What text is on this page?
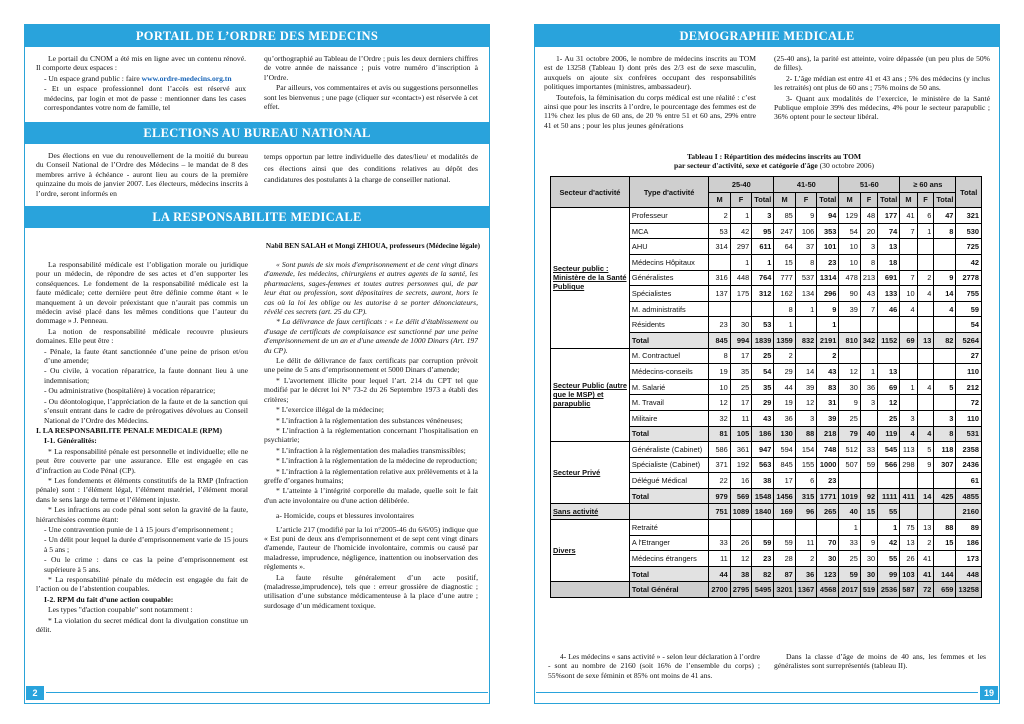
PORTAIL DE L’ORDRE DES MEDECINS

Le portail du CNOM a été mis en ligne avec un contenu rénové. Il comporte deux espaces :

- Un espace grand public : faire www.ordre-medecins.org.tn

- Et un espace professionnel dont l’accès est réservé aux médecins, par login et mot de passe : mentionner dans les cases correspondantes votre nom de famille, tel

qu’orthographié au Tableau de l’Ordre ; puis les deux derniers chiffres de votre année de naissance ; puis votre numéro d’inscription à l’Ordre.

Par ailleurs, vos commentaires et avis ou suggestions personnelles sont les bienvenus ; une page (cliquer sur «contact») est réservée à cet effet.

ELECTIONS AU BUREAU NATIONAL

Des élections en vue du renouvellement de la moitié du bureau du Conseil National de l’Ordre des Médecins – le mandat de 8 des membres arrive à échéance - auront lieu au cours de la première quinzaine du mois de janvier 2007. Les électeurs, médecins inscrits à l’ordre, seront informés en

temps opportun par lettre individuelle des dates/lieu/ et modalités de ces élections ainsi que des conditions relatives au dépôt des candidatures des postulants à la charge de conseiller national.

LA RESPONSABILITE MEDICALE
Nabil BEN SALAH et Mongi ZHIOUA, professeurs (Médecine légale)

La responsabilité médicale est l’obligation morale ou juridique pour un médecin, de répondre de ses actes et d’en supporter les conséquences. Le fondement de la responsabilité médicale est la faute médicale; cette dernière peut être définie comme étant « le manquement à un devoir préexistant que n’aurait pas commis un médecin avisé placé dans les mêmes conditions que l’auteur du dommage » J. Penneau.

La notion de responsabilité médicale recouvre plusieurs domaines. Elle peut être :

- Pénale, la faute étant sanctionnée d’une peine de prison et/ou d’une amende;

- Ou civile, à vocation réparatrice, la faute donnant lieu à une indemnisation;

- Ou administrative (hospitalière) à vocation réparatrice;

- Ou déontologique, l’appréciation de la faute et de la sanction qui s’ensuit entrant dans le cadre de prérogatives dévolues au Conseil National de l’Ordre des Médecins.

I. LA RESPONSABILITE PENALE MEDICALE (RPM)

I-1. Généralités:

* La responsabilité pénale est personnelle et individuelle; elle ne peut être couverte par une assurance. Elle est engagée en cas d’infraction au Code Pénal (CP).

* Les fondements et éléments constitutifs de la RMP (Infraction pénale) sont : l’élément légal, l’élément matériel, l’élément moral dans le sens large du terme et l’élément injuste.

* Les infractions au code pénal sont selon la gravité de la faute, hiérarchisées comme étant:

- Une contravention punie de 1 à 15 jours d’emprisonnement ;

- Un délit pour lequel la durée d’emprisonnement varie de 15 jours à 5 ans ;

- Ou le crime : dans ce cas la peine d’emprisonnement est supérieure à 5 ans.

* La responsabilité pénale du médecin est engagée du fait de l’action ou de l’abstention coupables.

I-2. RPM du fait d’une action coupable:

Les types "d'action coupable" sont notamment :

* La violation du secret médical dont la divulgation constitue un délit.

« Sont punis de six mois d'emprisonnement et de cent vingt dinars d'amende, les médecins, chirurgiens et autres agents de la santé, les pharmaciens, sages-femmes et toutes autres personnes qui, de par leur état ou profession, sont dépositaires de secrets, auront, hors le cas où la loi les oblige ou les autorise à se porter dénonciateurs, révélé ces secrets (art. 25 du CP).

* La délivrance de faux certificats : « Le délit d'établissement ou d'usage de certificats de complaisance est sanctionné par une peine d'emprisonnement de un an et d'une amende de 1000 Dinars (Art. 197 du CP).

Le délit de délivrance de faux certificats par corruption prévoit une peine de 5 ans d’emprisonnement et 5000 Dinars d’amende;

* L'avortement illicite pour lequel l’art. 214 du CPT tel que modifié par le décret loi N° 73-2 du 26 Septembre 1973 a établi des critères;

* L’exercice illégal de la médecine;

* L’infraction à la réglementation des substances vénéneuses;

* L’infraction à la réglementation concernant l’hospitalisation en psychiatrie;

* L’infraction à la réglementation des maladies transmissibles;

* L’infraction à la réglementation de la médecine de reproduction;

* L’infraction à la réglementation relative aux prélèvements et à la greffe d’organes humains;

* L’atteinte à l’intégrité corporelle du malade, quelle soit le fait d'un acte involontaire ou d'une action délibérée.

a- Homicide, coups et blessures involontaires

L’article 217 (modifié par la loi n°2005-46 du 6/6/05) indique que « Est puni de deux ans d'emprisonnement et de sept cent vingt dinars d'amende, l'auteur de l'homicide involontaire, commis ou causé par maladresse, imprudence, négligence, inattention ou inobservation des règlements ».

La faute résulte généralement d’un acte positif, (maladresse,imprudence), tels que : erreur grossière de diagnostic ; utilisation d’une substance médicamenteuse à la place d’une autre ; surdosage d’un médicament toxique.

2
DEMOGRAPHIE MEDICALE

1- Au 31 octobre 2006, le nombre de médecins inscrits au TOM est de 13258 (Tableau I) dont près des 2/3 est de sexe masculin, auxquels on ajoute six confrères occupant des responsabilités politiques importantes (ministres, ambassadeur).

Toutefois, la féminisation du corps médical est une réalité : c’est ainsi que pour les inscrits à l’ordre, le pourcentage des femmes est de 11% chez les plus de 60 ans, de 20 % entre 51 et 60 ans, 29% entre 41 et 50 ans ; pour les plus jeunes générations

(25-40 ans), la parité est atteinte, voire dépassée (un peu plus de 50% de filles).

2- L’âge médian est entre 41 et 43 ans ; 5% des médecins (y inclus les retraités) ont plus de 60 ans ; 75% moins de 50 ans.

3- Quant aux modalités de l’exercice, le ministère de la Santé Publique emploie 39% des médecins, 4% pour le secteur parapublic ; 36% optent pour le secteur libéral.

Tableau I : Répartition des médecins inscrits au TOM
par secteur d'activité, sexe et catégorie d'âge (30 octobre 2006)
Secteur d'activité	Type d'activité	25-40			41-50			51-60			≥ 60 ans			Total
		M	F	Total	M	F	Total	M	F	Total	M	F	Total	
Secteur public : Ministère de la Santé Publique	Professeur	2	1	3	85	9	94	129	48	177	41	6	47	321
	MCA	53	42	95	247	106	353	54	20	74	7	1	8	530
	AHU	314	297	611	64	37	101	10	3	13				725
	Médecins Hôpitaux		1	1	15	8	23	10	8	18				42
	Généralistes	316	448	764	777	537	1314	478	213	691	7	2	9	2778
	Spécialistes	137	175	312	162	134	296	90	43	133	10	4	14	755
	M. administratifs				8	1	9	39	7	46	4		4	59
	Résidents	23	30	53	1		1							54
	Total	845	994	1839	1359	832	2191	810	342	1152	69	13	82	5264
Secteur Public (autre que le MSP) et parapublic	M. Contractuel	8	17	25	2		2							27
	Médecins-conseils	19	35	54	29	14	43	12	1	13				110
	M. Salarié	10	25	35	44	39	83	30	36	69	1	4	5	212
	M. Travail	12	17	29	19	12	31	9	3	12				72
	Militaire	32	11	43	36	3	39	25		25	3		3	110
	Total	81	105	186	130	88	218	79	40	119	4	4	8	531
Secteur Privé	Généraliste (Cabinet)	586	361	947	594	154	748	512	33	545	113	5	118	2358
	Spécialiste (Cabinet)	371	192	563	845	155	1000	507	59	566	298	9	307	2436
	Délégué Médical	22	16	38	17	6	23							61
	Total	979	569	1548	1456	315	1771	1019	92	1111	411	14	425	4855
Sans activité		751	1089	1840	169	96	265	40	15	55				2160
Divers	Retraité							1		1	75	13	88	89
	A l'Etranger	33	26	59	59	11	70	33	9	42	13	2	15	186
	Médecins étrangers	11	12	23	28	2	30	25	30	55	26	41		173
	Total	44	38	82	87	36	123	59	30	99	103	41	144	448
	Total Général	2700	2795	5495	3201	1367	4568	2017	519	2536	587	72	659	13258

4- Les médecins « sans activité » - selon leur déclaration à l’ordre - sont au nombre de 2160 (soit 16% de l’ensemble du corps) ; 55%sont de sexe féminin et 85% ont moins de 41 ans.

Dans la classe d’âge de moins de 40 ans, les femmes et les généralistes sont surreprésentés (tableau II).

19
